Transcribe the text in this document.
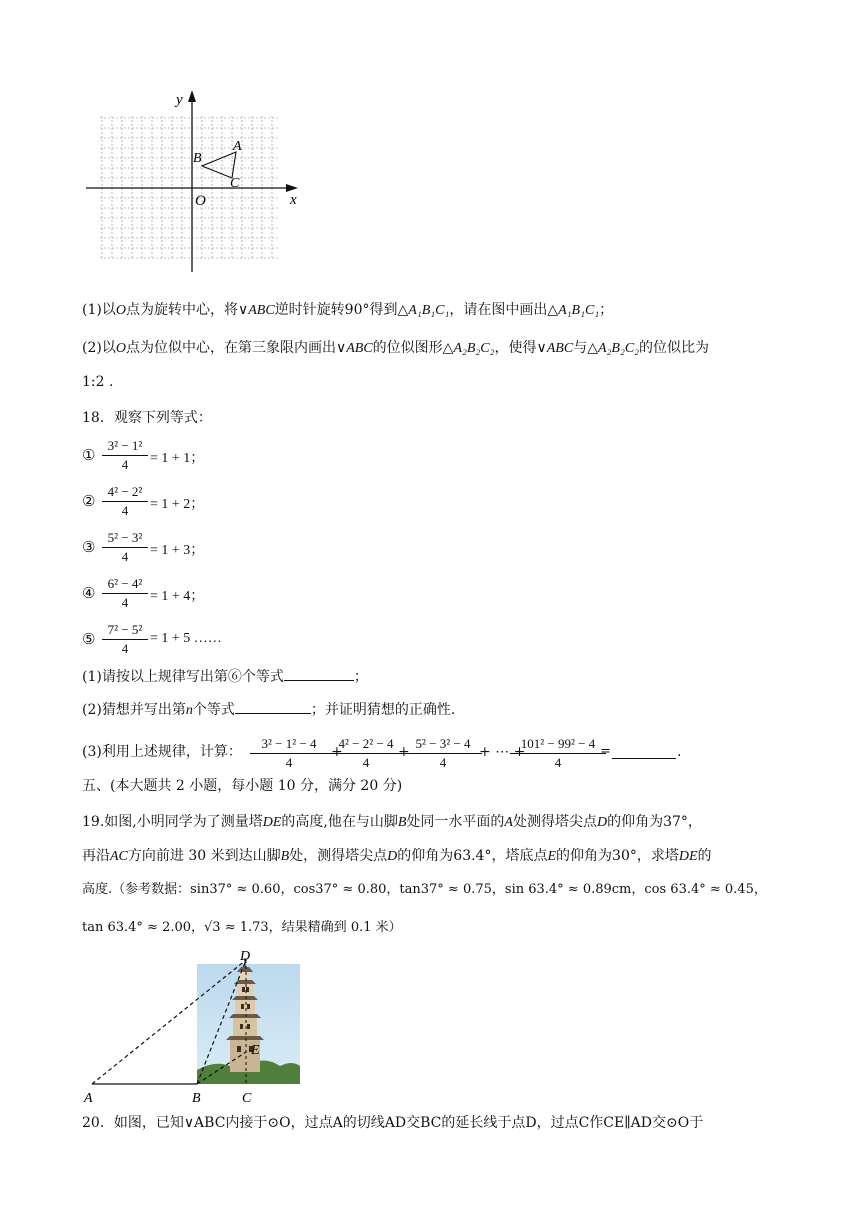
y
x
O
A
B
C
(1)以O点为旋转中心，将∨ABC逆时针旋转90°得到△A₁B₁C₁，请在图中画出△A₁B₁C₁；
(2)以O点为位似中心，在第三象限内画出∨ABC的位似图形△A₂B₂C₂，使得∨ABC与△A₂B₂C₂的位似比为
1:2 .
18．观察下列等式：
①
3² − 1²
4	= 1 + 1；
②
4² − 2²
4	= 1 + 2；
③
5² − 3²
4	= 1 + 3；
④
6² − 4²
4	= 1 + 4；
⑤
7² − 5²
4
= 1 + 5 ……
(1)请按以上规律写出第⑥个等式	；
(2)猜想并写出第n个等式	；并证明猜想的正确性.
(3)利用上述规律，计算：
3² − 1² − 4
4
+
4² − 2² − 4
4
+
5² − 3² − 4
4
+ ⋯ +
101² − 99² − 4
4
=	.
五、(本大题共 2 小题，每小题 10 分，满分 20 分)
19.如图,小明同学为了测量塔DE的高度,他在与山脚B处同一水平面的A处测得塔尖点D的仰角为37°，
再沿AC方向前进 30 米到达山脚B处，测得塔尖点D的仰角为63.4°，塔底点E的仰角为30°，求塔DE的
高度.（参考数据：sin37° ≈ 0.60，cos37° ≈ 0.80，tan37° ≈ 0.75，sin 63.4° ≈ 0.89cm，cos 63.4° ≈ 0.45，
tan 63.4° ≈ 2.00，√3 ≈ 1.73，结果精确到 0.1 米）
D
E
A	B	C
20．如图，已知∨ABC内接于⊙O，过点A的切线AD交BC的延长线于点D，过点C作CE∥AD交⊙O于
